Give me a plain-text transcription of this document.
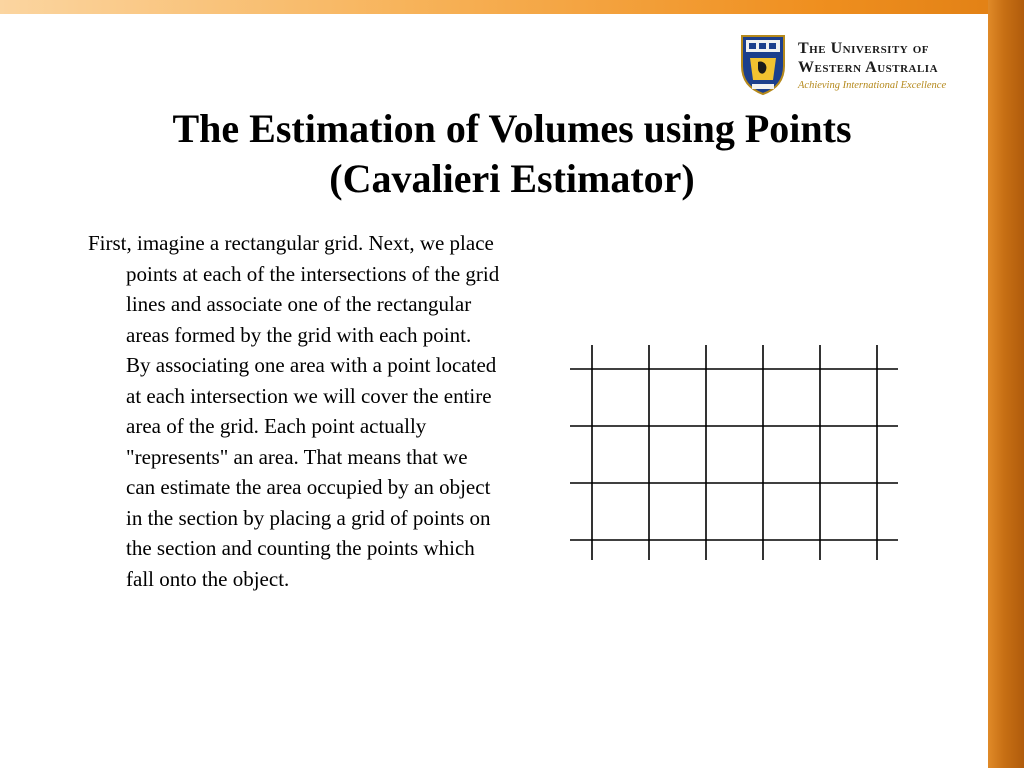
The University of
Western Australia
Achieving International Excellence
The Estimation of Volumes using Points
(Cavalieri Estimator)
First, imagine a rectangular grid. Next, we place points at each of the intersections of the grid lines and associate one of the rectangular areas formed by the grid with each point. By associating one area with a point located at each intersection we will cover the entire area of the grid. Each point actually "represents" an area. That means that we can estimate the area occupied by an object in the section by placing a grid of points on the section and counting the points which fall onto the object.
